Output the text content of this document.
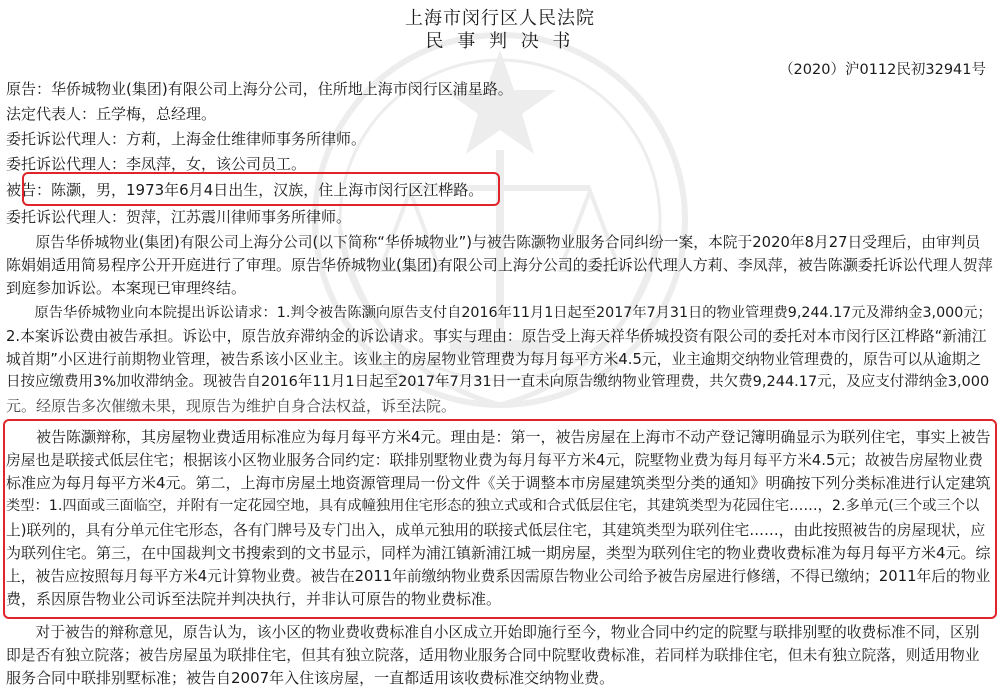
上海市闵行区人民法院
民 事 判 决 书
（2020）沪0112民初32941号
原告：华侨城物业(集团)有限公司上海分公司，住所地上海市闵行区浦星路。
法定代表人：丘学梅，总经理。
委托诉讼代理人：方莉，上海金仕维律师事务所律师。
委托诉讼代理人：李凤萍，女，该公司员工。
被告：陈灏，男，1973年6月4日出生，汉族，住上海市闵行区江桦路。
委托诉讼代理人：贺萍，江苏震川律师事务所律师。
　　原告华侨城物业(集团)有限公司上海分公司(以下简称“华侨城物业”)与被告陈灏物业服务合同纠纷一案，本院于2020年8月27日受理后，由审判员
陈娟娟适用简易程序公开开庭进行了审理。原告华侨城物业(集团)有限公司上海分公司的委托诉讼代理人方莉、李凤萍，被告陈灏委托诉讼代理人贺萍
到庭参加诉讼。本案现已审理终结。
　　原告华侨城物业向本院提出诉讼请求：1.判令被告陈灏向原告支付自2016年11月1日起至2017年7月31日的物业管理费9,244.17元及滞纳金3,000元；
2.本案诉讼费由被告承担。诉讼中，原告放弃滞纳金的诉讼请求。事实与理由：原告受上海天祥华侨城投资有限公司的委托对本市闵行区江桦路“新浦江
城首期”小区进行前期物业管理，被告系该小区业主。该业主的房屋物业管理费为每月每平方米4.5元，业主逾期交纳物业管理费的，原告可以从逾期之
日按应缴费用3%加收滞纳金。现被告自2016年11月1日起至2017年7月31日一直未向原告缴纳物业管理费，共欠费9,244.17元，及应支付滞纳金3,000
元。经原告多次催缴未果，现原告为维护自身合法权益，诉至法院。
　　被告陈灏辩称，其房屋物业费适用标准应为每月每平方米4元。理由是：第一，被告房屋在上海市不动产登记簿明确显示为联列住宅，事实上被告
房屋也是联接式低层住宅；根据该小区物业服务合同约定：联排别墅物业费为每月每平方米4元，院墅物业费为每月每平方米4.5元；故被告房屋物业费
标准应为每月每平方米4元。第二，上海市房屋土地资源管理局一份文件《关于调整本市房屋建筑类型分类的通知》明确按下列分类标准进行认定建筑
类型：1.四面或三面临空，并附有一定花园空地，具有成幢独用住宅形态的独立式或和合式低层住宅，其建筑类型为花园住宅……，2.多单元(三个或三个以
上)联列的，具有分单元住宅形态，各有门牌号及专门出入，成单元独用的联接式低层住宅，其建筑类型为联列住宅……，由此按照被告的房屋现状，应
为联列住宅。第三，在中国裁判文书搜索到的文书显示，同样为浦江镇新浦江城一期房屋，类型为联列住宅的物业费收费标准为每月每平方米4元。综
上，被告应按照每月每平方米4元计算物业费。被告在2011年前缴纳物业费系因需原告物业公司给予被告房屋进行修缮，不得已缴纳；2011年后的物业
费，系因原告物业公司诉至法院并判决执行，并非认可原告的物业费标准。
　　对于被告的辩称意见，原告认为，该小区的物业费收费标准自小区成立开始即施行至今，物业合同中约定的院墅与联排别墅的收费标准不同，区别
即是否有独立院落；被告房屋虽为联排住宅，但其有独立院落，适用物业服务合同中院墅收费标准，若同样为联排住宅，但未有独立院落，则适用物业
服务合同中联排别墅标准；被告自2007年入住该房屋，一直都适用该收费标准交纳物业费。
